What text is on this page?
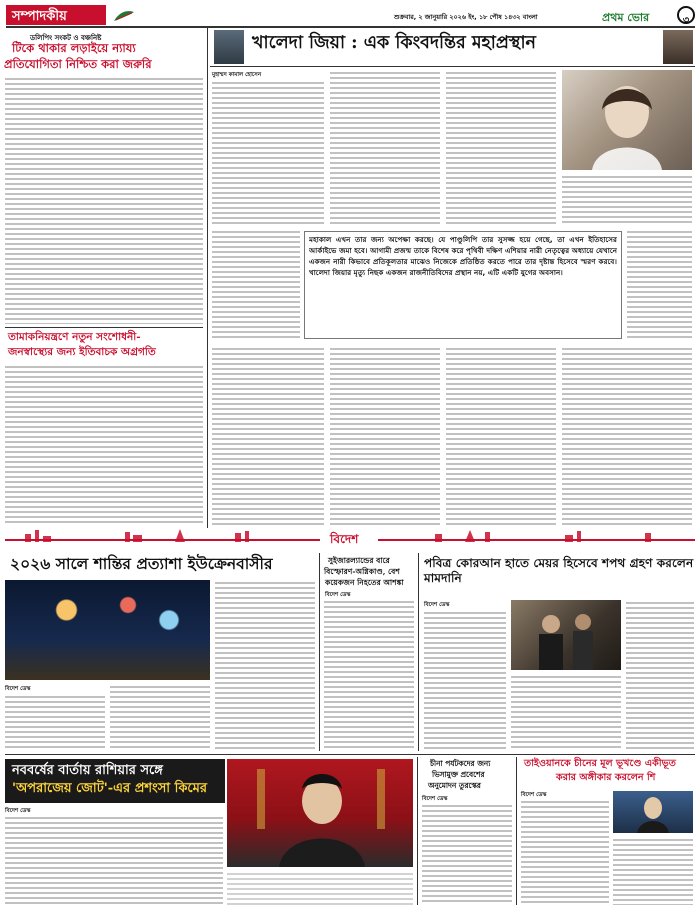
সম্পাদকীয়	শুক্রবার, ২ জানুয়ারি ২০২৬ ইং, ১৮ পৌষ ১৪৩২ বাংলা	প্রথম ভোর	৩
ডলিপিং সংকট ও বঞ্চনিষ্ট
টিকে থাকার লড়াইয়ে ন্যায্য
প্রতিযোগিতা নিশ্চিত করা জরুরি
তামাকনিয়ন্ত্রণে নতুন সংশোধনী-
জনস্বাস্থ্যের জন্য ইতিবাচক অগ্রগতি
খালেদা জিয়া : এক কিংবদন্তির মহাপ্রস্থান
মুহাম্মদ কামাল হোসেন
মহাকাল এখন তার জন্য অপেক্ষা করছে। যে পাণ্ডুলিপি তার সুসজ্জ হয়ে গেছে, তা এখন ইতিহাসের আর্কাইভে জমা হবে। আগামী প্রজন্ম তাকে বিশেষ করে পৃথিবী দক্ষিণ এশিয়ার নারী নেতৃত্বের অধ্যায়ে যেখানে একজন নারী কিভাবে প্রতিকূলতার মাঝেও নিজেকে প্রতিষ্ঠিত করতে পারে তার দৃষ্টান্ত হিসেবে স্মরণ করবে। খালেদা জিয়ার মৃত্যু নিছক একজন রাজনীতিবিদের প্রস্থান নয়, এটি একটি যুগের অবসান।
বিদেশ
২০২৬ সালে শান্তির প্রত্যাশা ইউক্রেনবাসীর
বিদেশ ডেস্ক
সুইজারল্যান্ডের বারে
বিস্ফোরণ-অগ্নিকাণ্ড, বেশ
কয়েকজন নিহতের আশঙ্কা
বিদেশ ডেস্ক
পবিত্র কোরআন হাতে মেয়র হিসেবে শপথ গ্রহণ করলেন মামদানি
বিদেশ ডেস্ক
নববর্ষের বার্তায় রাশিয়ার সঙ্গে
'অপরাজেয় জোট'-এর প্রশংসা কিমের
বিদেশ ডেস্ক
চীনা পর্যটকদের জন্য
ভিসামুক্ত প্রবেশের
অনুমোদন তুরস্কের
বিদেশ ডেস্ক
তাইওয়ানকে চীনের মূল ভূখণ্ডে একীভূত
করার অঙ্গীকার করলেন শি
বিদেশ ডেস্ক
